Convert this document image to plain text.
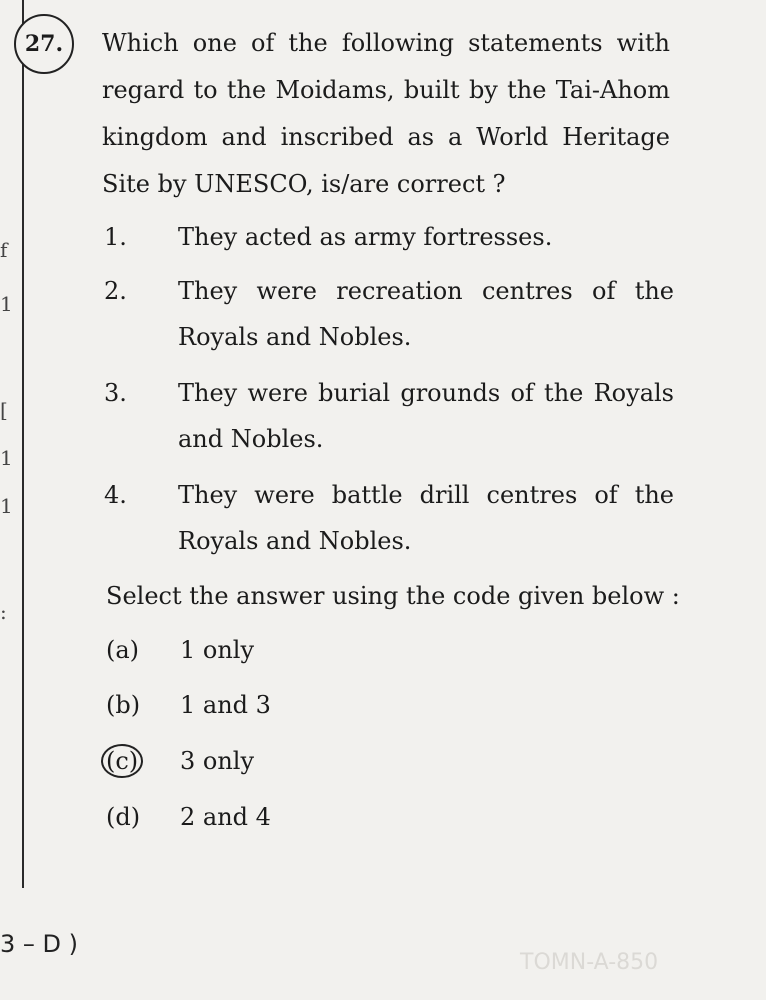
f
1
[
1
1
:
TOMN-A-850
27. Which one of the following statements with regard to the Moidams, built by the Tai-Ahom kingdom and inscribed as a World Heritage Site by UNESCO, is/are correct ?
1. They acted as army fortresses.
2. They were recreation centres of the Royals and Nobles.
3. They were burial grounds of the Royals and Nobles.
4. They were battle drill centres of the Royals and Nobles.
Select the answer using the code given below :
(a) 1 only
(b) 1 and 3
(c)	3 only
(d) 2 and 4
3 – D )
